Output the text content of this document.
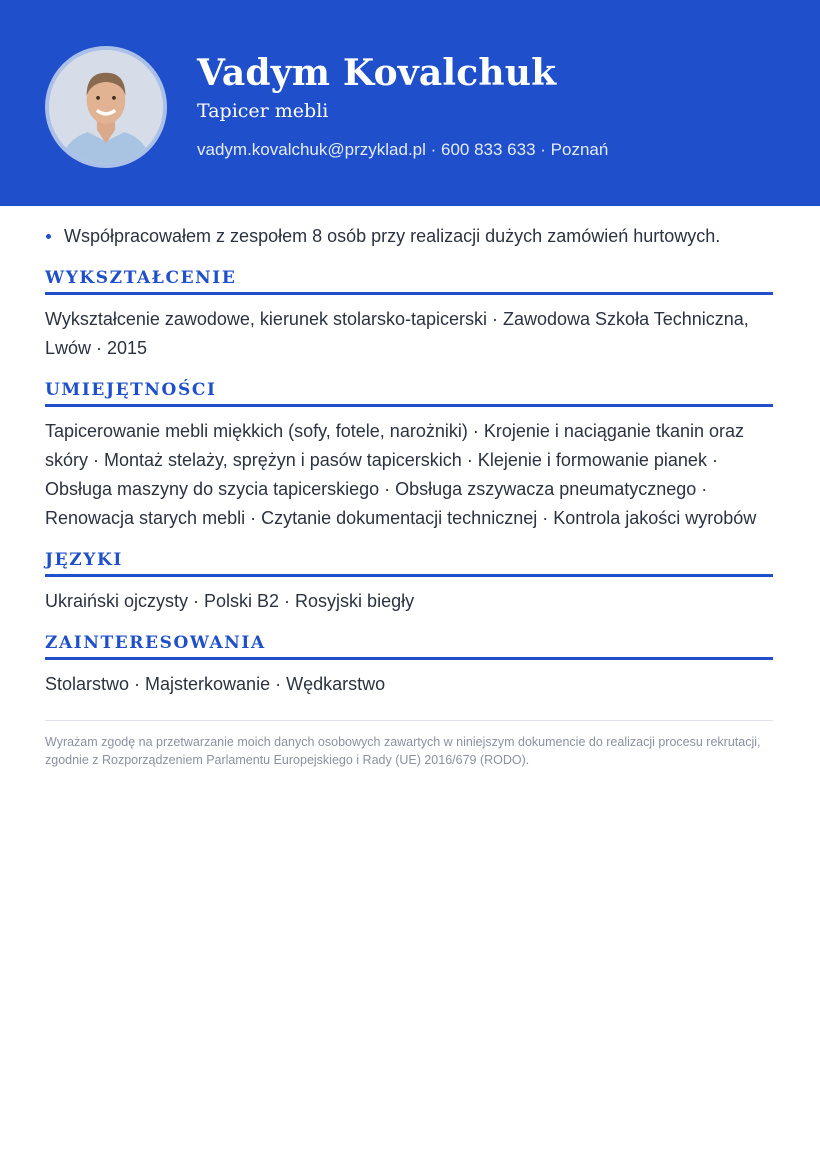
Vadym Kovalchuk
Tapicer mebli
vadym.kovalchuk@przyklad.pl · 600 833 633 · Poznań
Współpracowałem z zespołem 8 osób przy realizacji dużych zamówień hurtowych.
WYKSZTAŁCENIE

Wykształcenie zawodowe, kierunek stolarsko-tapicerski · Zawodowa Szkoła Techniczna, Lwów · 2015

UMIEJĘTNOŚCI

Tapicerowanie mebli miękkich (sofy, fotele, narożniki) · Krojenie i naciąganie tkanin oraz skóry · Montaż stelaży, sprężyn i pasów tapicerskich · Klejenie i formowanie pianek · Obsługa maszyny do szycia tapicerskiego · Obsługa zszywacza pneumatycznego · Renowacja starych mebli · Czytanie dokumentacji technicznej · Kontrola jakości wyrobów

JĘZYKI

Ukraiński ojczysty · Polski B2 · Rosyjski biegły

ZAINTERESOWANIA

Stolarstwo · Majsterkowanie · Wędkarstwo

Wyrażam zgodę na przetwarzanie moich danych osobowych zawartych w niniejszym dokumencie do realizacji procesu rekrutacji, zgodnie z Rozporządzeniem Parlamentu Europejskiego i Rady (UE) 2016/679 (RODO).
